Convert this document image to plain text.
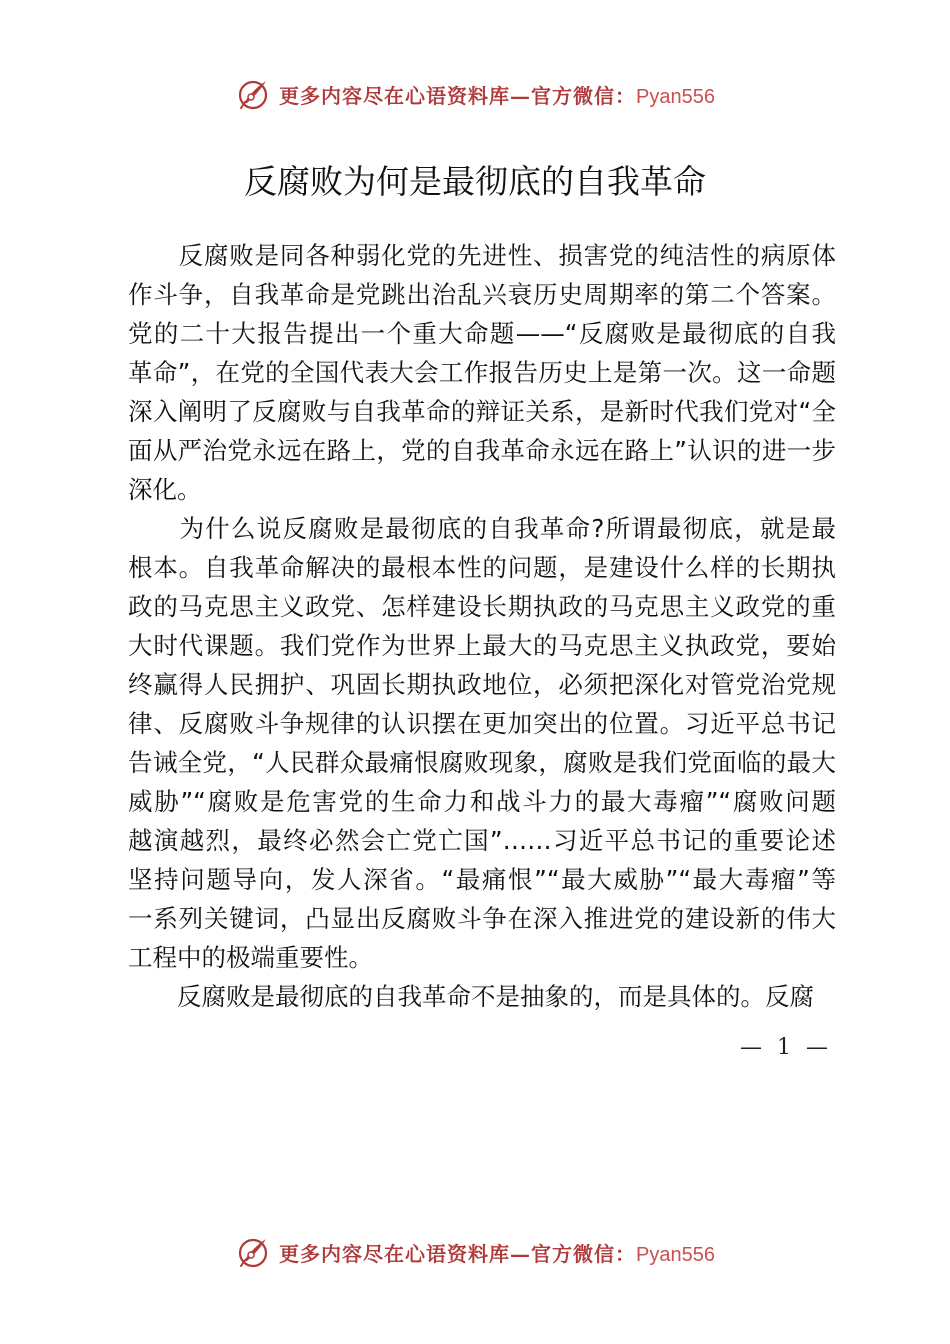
更多内容尽在心语资料库—官方微信：Pyan556
反腐败为何是最彻底的自我革命
　　反腐败是同各种弱化党的先进性、损害党的纯洁性的病原体
作斗争，自我革命是党跳出治乱兴衰历史周期率的第二个答案。
党的二十大报告提出一个重大命题——“反腐败是最彻底的自我
革命”，在党的全国代表大会工作报告历史上是第一次。这一命题
深入阐明了反腐败与自我革命的辩证关系，是新时代我们党对“全
面从严治党永远在路上，党的自我革命永远在路上”认识的进一步
深化。
　　为什么说反腐败是最彻底的自我革命?所谓最彻底，就是最
根本。自我革命解决的最根本性的问题，是建设什么样的长期执
政的马克思主义政党、怎样建设长期执政的马克思主义政党的重
大时代课题。我们党作为世界上最大的马克思主义执政党，要始
终赢得人民拥护、巩固长期执政地位，必须把深化对管党治党规
律、反腐败斗争规律的认识摆在更加突出的位置。习近平总书记
告诫全党，“人民群众最痛恨腐败现象，腐败是我们党面临的最大
威胁”“腐败是危害党的生命力和战斗力的最大毒瘤”“腐败问题
越演越烈，最终必然会亡党亡国”……习近平总书记的重要论述
坚持问题导向，发人深省。“最痛恨”“最大威胁”“最大毒瘤”等
一系列关键词，凸显出反腐败斗争在深入推进党的建设新的伟大
工程中的极端重要性。
　　反腐败是最彻底的自我革命不是抽象的，而是具体的。反腐
— 1 —
更多内容尽在心语资料库—官方微信：Pyan556
